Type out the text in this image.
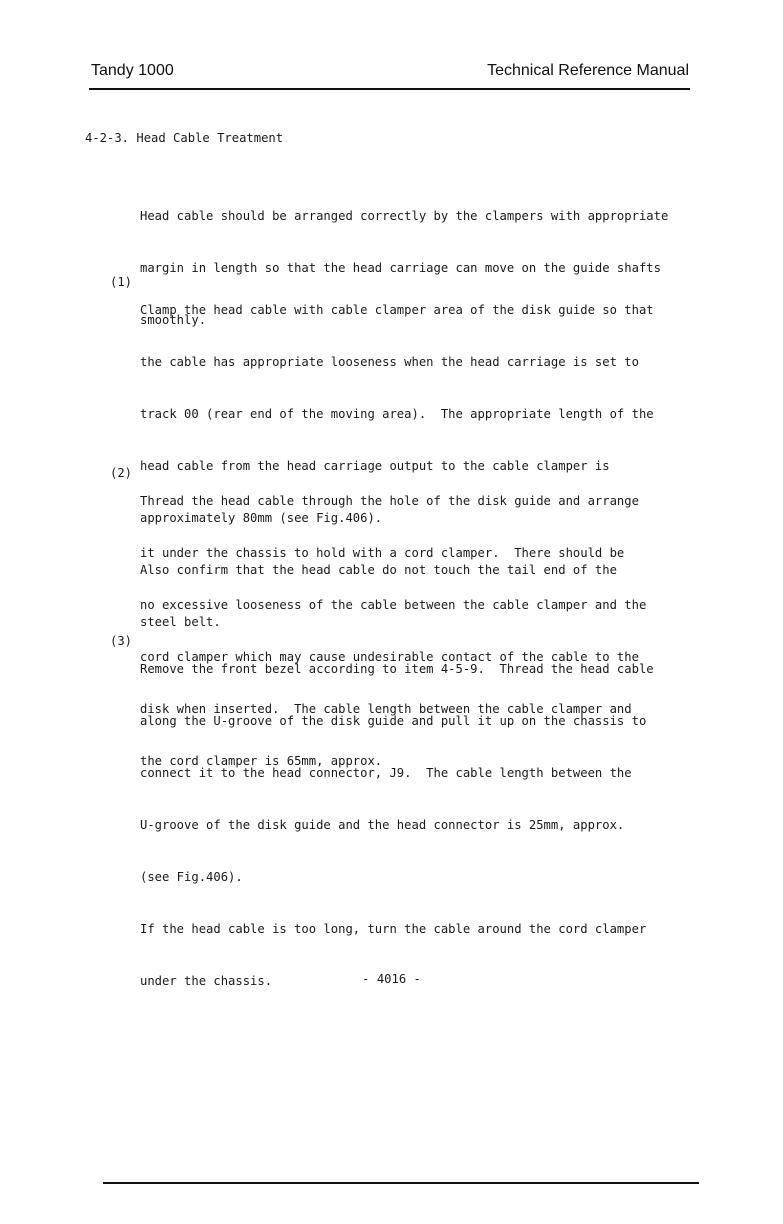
Tandy 1000	Technical Reference Manual
4-2-3. Head Cable Treatment

Head cable should be arranged correctly by the clampers with appropriate

margin in length so that the head carriage can move on the guide shafts

smoothly.

(1)

Clamp the head cable with cable clamper area of the disk guide so that

the cable has appropriate looseness when the head carriage is set to

track 00 (rear end of the moving area).  The appropriate length of the

head cable from the head carriage output to the cable clamper is

approximately 80mm (see Fig.406).

Also confirm that the head cable do not touch the tail end of the

steel belt.

(2)

Thread the head cable through the hole of the disk guide and arrange

it under the chassis to hold with a cord clamper.  There should be

no excessive looseness of the cable between the cable clamper and the

cord clamper which may cause undesirable contact of the cable to the

disk when inserted.  The cable length between the cable clamper and

the cord clamper is 65mm, approx.

(3)

Remove the front bezel according to item 4-5-9.  Thread the head cable

along the U-groove of the disk guide and pull it up on the chassis to

connect it to the head connector, J9.  The cable length between the

U-groove of the disk guide and the head connector is 25mm, approx.

(see Fig.406).

If the head cable is too long, turn the cable around the cord clamper

under the chassis.	- 4016 -
